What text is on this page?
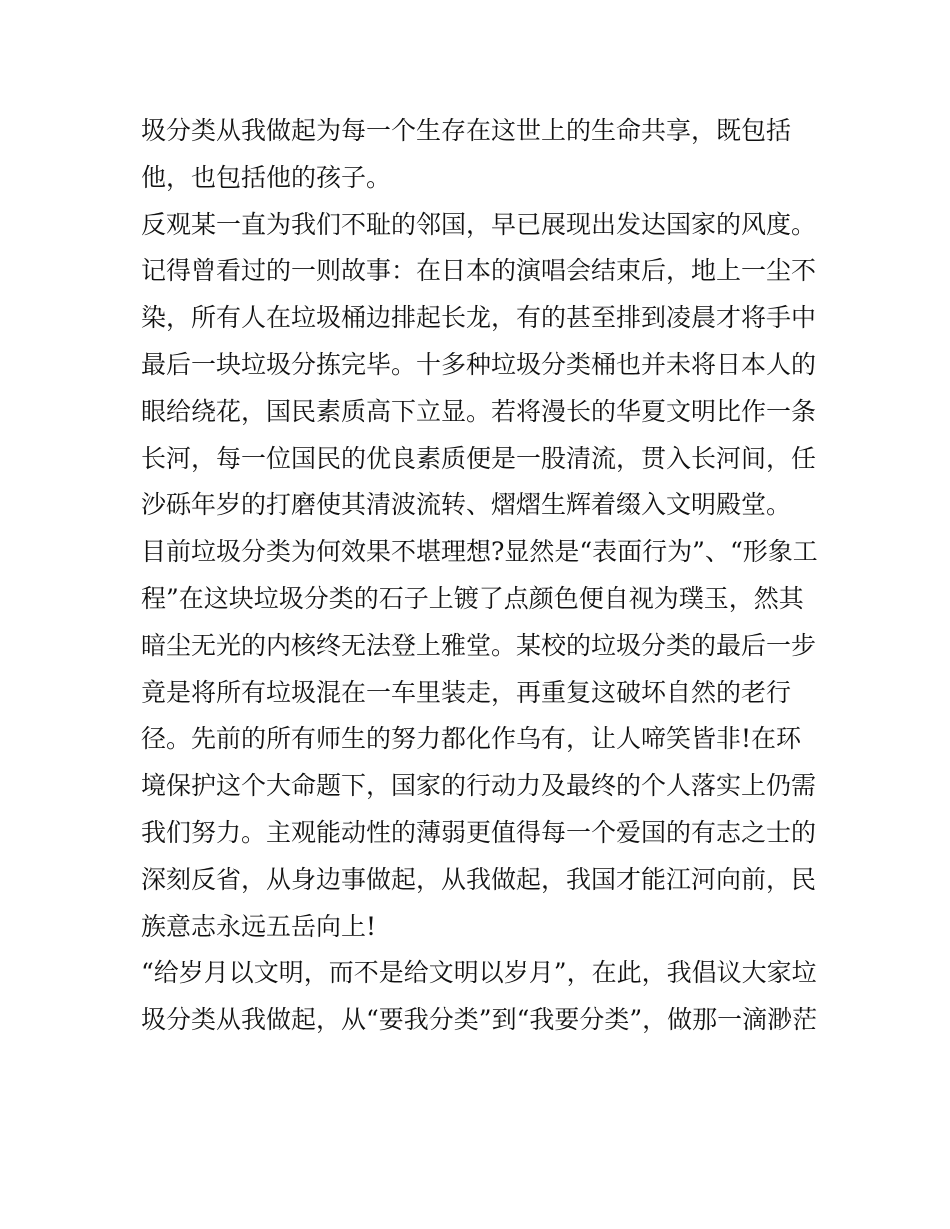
圾分类从我做起为每一个生存在这世上的生命共享，既包括
他，也包括他的孩子。
反观某一直为我们不耻的邻国，早已展现出发达国家的风度。
记得曾看过的一则故事：在日本的演唱会结束后，地上一尘不
染，所有人在垃圾桶边排起长龙，有的甚至排到凌晨才将手中
最后一块垃圾分拣完毕。十多种垃圾分类桶也并未将日本人的
眼给绕花，国民素质高下立显。若将漫长的华夏文明比作一条
长河，每一位国民的优良素质便是一股清流，贯入长河间，任
沙砾年岁的打磨使其清波流转、熠熠生辉着缀入文明殿堂。
目前垃圾分类为何效果不堪理想?显然是“表面行为”、“形象工
程”在这块垃圾分类的石子上镀了点颜色便自视为璞玉，然其
暗尘无光的内核终无法登上雅堂。某校的垃圾分类的最后一步
竟是将所有垃圾混在一车里装走，再重复这破坏自然的老行
径。先前的所有师生的努力都化作乌有，让人啼笑皆非!在环
境保护这个大命题下，国家的行动力及最终的个人落实上仍需
我们努力。主观能动性的薄弱更值得每一个爱国的有志之士的
深刻反省，从身边事做起，从我做起，我国才能江河向前，民
族意志永远五岳向上!
“给岁月以文明，而不是给文明以岁月”，在此，我倡议大家垃
圾分类从我做起，从“要我分类”到“我要分类”，做那一滴渺茫
